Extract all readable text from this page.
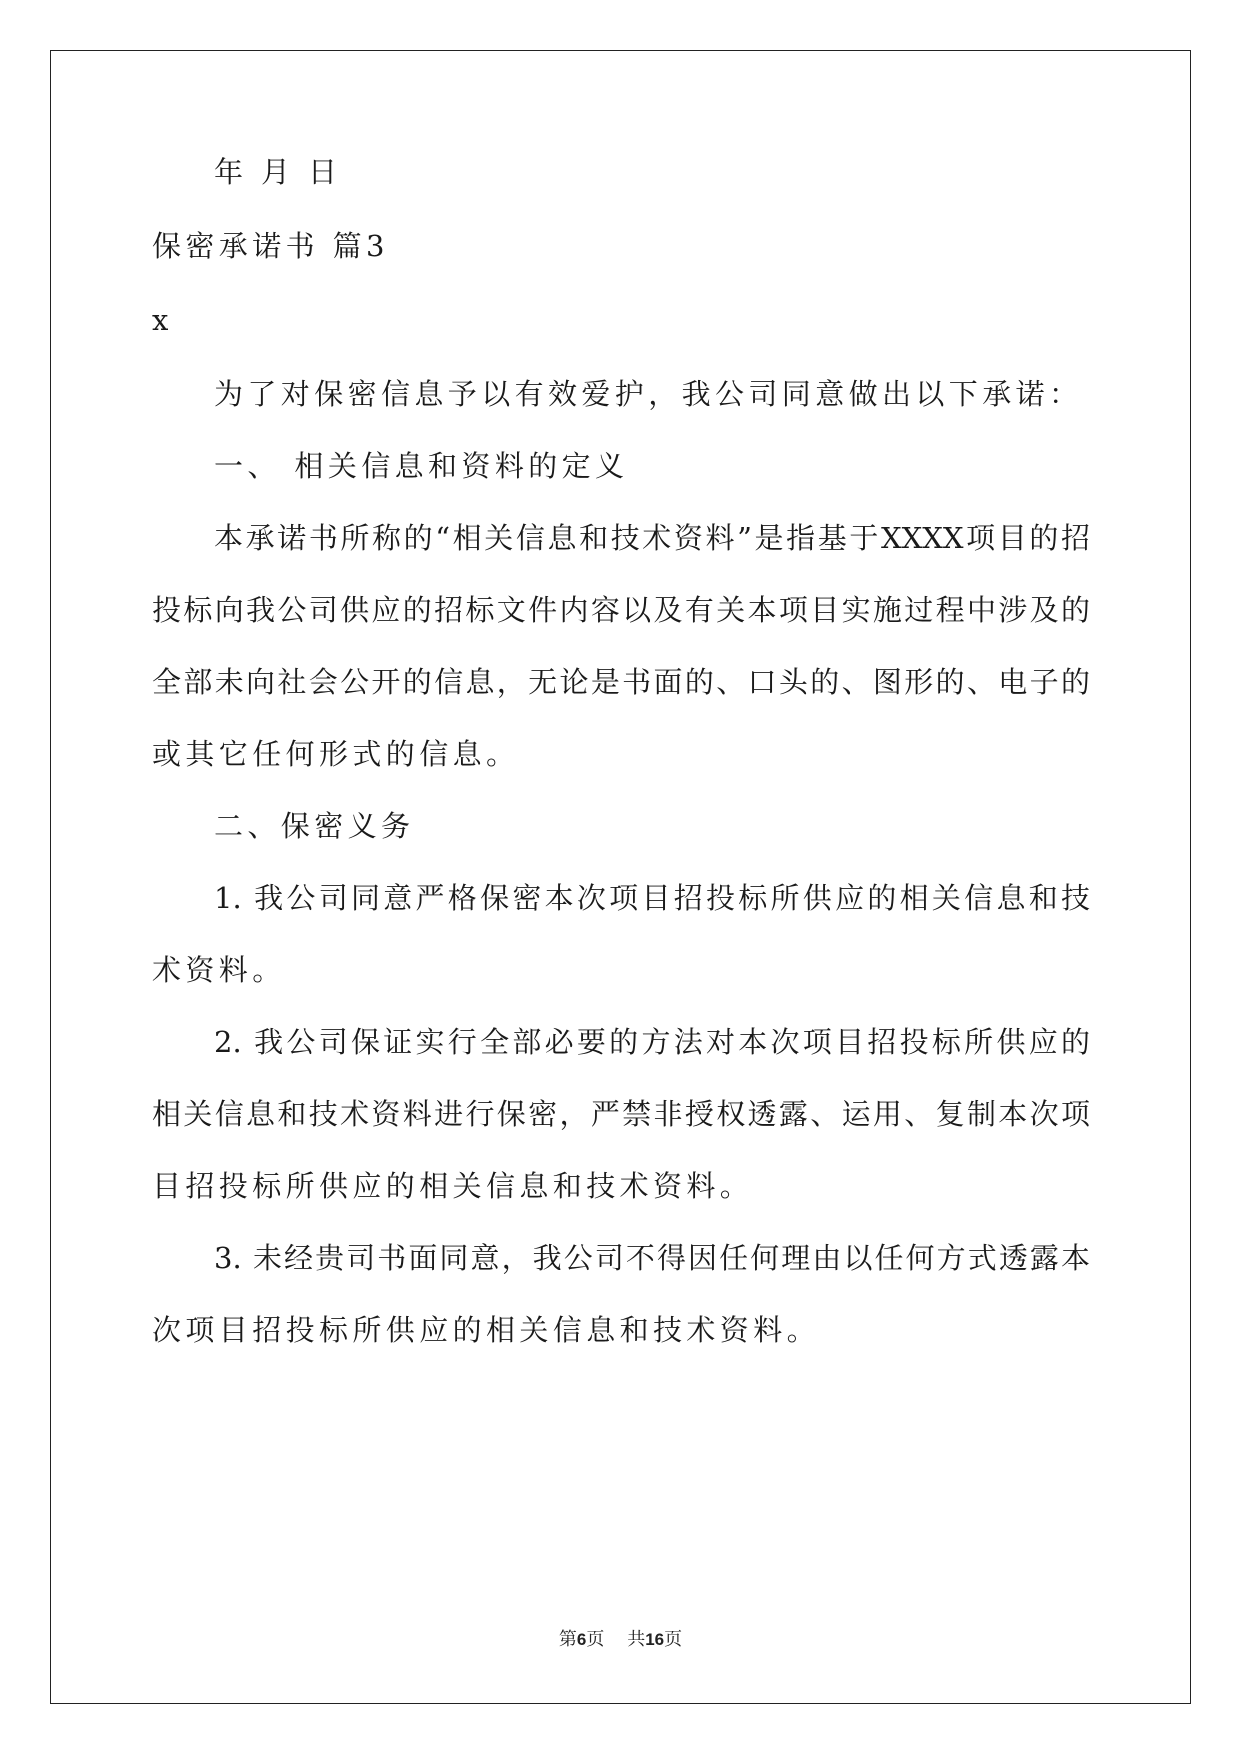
年 月 日
保密承诺书 篇3
x
为了对保密信息予以有效爱护，我公司同意做出以下承诺：
一、 相关信息和资料的定义
本承诺书所称的“相关信息和技术资料”是指基于XXXX项目的招
投标向我公司供应的招标文件内容以及有关本项目实施过程中涉及的
全部未向社会公开的信息，无论是书面的、口头的、图形的、电子的
或其它任何形式的信息。
二、保密义务
1. 我公司同意严格保密本次项目招投标所供应的相关信息和技
术资料。
2. 我公司保证实行全部必要的方法对本次项目招投标所供应的
相关信息和技术资料进行保密，严禁非授权透露、运用、复制本次项
目招投标所供应的相关信息和技术资料。
3. 未经贵司书面同意，我公司不得因任何理由以任何方式透露本
次项目招投标所供应的相关信息和技术资料。
第6页    共16页
